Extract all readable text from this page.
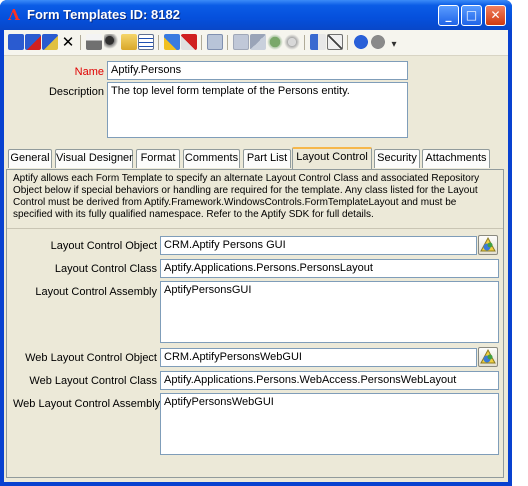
Λ Form Templates ID: 8182	_	□	✕
✕	▾
Name Aptify.Persons
Description The top level form template of the Persons entity.
General Visual Designer Format Comments Part List Layout Control Security Attachments
Aptify allows each Form Template to specify an alternate Layout Control Class and associated Repository Object below if special behaviors or handling are required for the template. Any class listed for the Layout Control must be derived from Aptify.Framework.WindowsControls.FormTemplateLayout and must be specified with its fully qualified namespace. Refer to the Aptify SDK for full details.
Layout Control Object CRM.Aptify Persons GUI
Layout Control Class Aptify.Applications.Persons.PersonsLayout
Layout Control Assembly AptifyPersonsGUI
Web Layout Control Object CRM.AptifyPersonsWebGUI
Web Layout Control Class Aptify.Applications.Persons.WebAccess.PersonsWebLayout
Web Layout Control Assembly AptifyPersonsWebGUI
